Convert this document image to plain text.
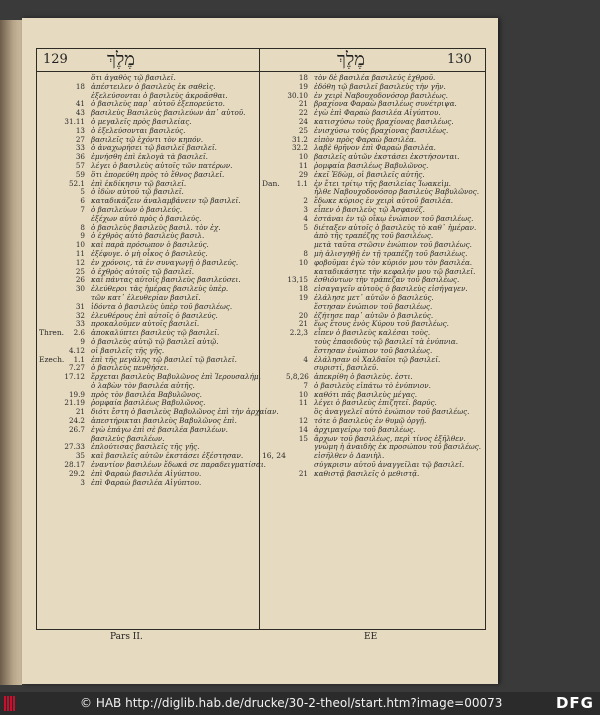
129 מֶלֶךְ	מֶלֶךְ	130
ὅτι ἀγαθὸς τῷ βασιλεῖ.
18 ἀπέστειλεν ὁ βασιλεὺς ἐκ σαθεὶς.
ἐξελεύσονται ὁ βασιλεὺς ἀκροᾶσθαι.
41 ὁ βασιλεὺς παρ᾽ αὐτοῦ ἐξεπορεύετο.
43 βασιλεὺς Βασιλεὺς βασιλεύων ἀπ᾽ αὐτοῦ.
31.11 ὁ μεγαλεῖς πρὸς βασιλείας.
13 ὁ ἐξελεύσονται βασιλεύς.
27 βασιλεῖς τῷ ἐχόντι τὸν κηπόν.
33 ὁ ἀναχωρήσει τῷ βασιλεῖ βασιλεῖ.
36 ἐμνήσθη ἐπὶ ἐκλογὰ τὰ βασιλεῖ.
57 λέγει ὁ βασιλεὺς αὐτοῖς τῶν πατέρων.
59 ὅτι ἐπορεύθη πρὸς τὸ ἔθνος βασιλεῖ.
52.1 ἐπὶ ἐκδίκησιν τῷ βασιλεῖ.
5 ὁ ἰδὼν αὐτοῦ τῷ βασιλεῖ.
6 καταδικάζειν ἀναλαμβάνειν τῷ βασιλεῖ.
7 ὁ βασιλεύων ὁ βασιλεύς.
ἐξέχων αὐτὸ πρὸς ὁ βασιλεύς.
8 ὁ βασιλεὺς βασιλεὺς βασιλ. τὸν ἐχ.
9 ὁ ἐχθρὸς αὐτὸ βασιλεὺς βασιλ.
10 καὶ παρὰ πρόσωπον ὁ βασιλεύς.
11 ἐξέφυγε. ὁ μὴ οἶκος ὁ βασιλεύς.
12 ἐν χρόνοις, τὰ ἐν συναγωγῇ ὁ βασιλεύς.
25 ὁ ἐχθρὸς αὐτοῖς τῷ βασιλεῖ.
26 καὶ πάντας αὐτοῖς βασιλεὺς βασιλεύσει.
30 ἐλεύθεροι τὰς ἡμέρας βασιλεὺς ὑπὲρ.
τῶν κατ᾽ ἐλευθερίαν βασιλεῖ.
31 ἰδόντα ὁ βασιλεὺς ὑπὲρ τοῦ βασιλέως.
32 ἐλευθέρους ἐπὶ αὐτοῖς ὁ βασιλεύς.
33 προκαλοῦμεν αὐτοῖς βασιλεῖ.
Thren.	2.6 ἀποκαλύπτει βασιλεὺς τῷ βασιλεῖ.
9 ὁ βασιλεὺς αὐτῷ τῷ βασιλεῖ αὐτῷ.
4.12 οἱ βασιλεῖς τῆς γῆς.
Ezech.	1.1 ἐπὶ τῆς μεγάλης τῷ βασιλεῖ τῷ βασιλεῖ.
7.27 ὁ βασιλεὺς πενθήσει.
17.12 ἔρχεται βασιλεὺς Βαβυλῶνος ἐπὶ Ἱερουσαλήμ.
ὁ λαβὼν τὸν βασιλέα αὐτῆς.
19.9 πρὸς τὸν βασιλέα Βαβυλῶνος.
21.19 ῥομφαία βασιλέως Βαβυλῶνος.
21 διότι ἔστη ὁ βασιλεὺς Βαβυλῶνος ἐπὶ τὴν ἀρχαίαν.
24.2 ἀπεστήρικται βασιλεὺς Βαβυλῶνος ἐπὶ.
26.7 ἐγὼ ἐπάγω ἐπὶ σὲ βασιλέα βασιλέων.
βασιλεὺς βασιλέων.
27.33 ἐπλούτισας βασιλεῖς τῆς γῆς.
35 καὶ βασιλεῖς αὐτῶν ἐκστάσει ἐξέστησαν.
28.17 ἐναντίον βασιλέων ἔδωκά σε παραδειγματίσαι.
29.2 ἐπὶ Φαραὼ βασιλέα Αἰγύπτου.
3 ἐπὶ Φαραὼ βασιλέα Αἰγύπτου.
18 τὸν δὲ βασιλέα βασιλεύς ἐχθροῦ.
19 ἐδόθη τῷ βασιλεῖ βασιλεὺς τὴν γῆν.
30.10 ἐν χειρὶ Ναβουχοδονόσορ βασιλέως.
21 βραχίονα Φαραὼ βασιλέως συνέτριψα.
22 ἐγὼ ἐπὶ Φαραὼ βασιλέα Αἰγύπτου.
24 κατισχύσω τοὺς βραχίονας βασιλέως.
25 ἐνισχύσω τοὺς βραχίονας βασιλέως.
31.2 εἰπὸν πρὸς Φαραὼ βασιλέα.
32.2 λαβὲ θρῆνον ἐπὶ Φαραὼ βασιλέα.
10 βασιλεῖς αὐτῶν ἐκστάσει ἐκστήσονται.
11 ῥομφαία βασιλέως Βαβυλῶνος.
29 ἐκεῖ Ἐδὼμ, οἱ βασιλεῖς αὐτῆς.
Dan.	1.1 ἐν ἔτει τρίτῳ τῆς βασιλείας Ἰωακεὶμ.
ἦλθε Ναβουχοδονόσορ βασιλεὺς Βαβυλῶνος.
2 ἔδωκε κύριος ἐν χειρὶ αὐτοῦ βασιλέα.
3 εἶπεν ὁ βασιλεὺς τῷ Ἀσφανέζ.
4 ἑστάναι ἐν τῷ οἴκῳ ἐνώπιον τοῦ βασιλέως.
5 διέταξεν αὐτοῖς ὁ βασιλεὺς τὸ καθ᾽ ἡμέραν.
ἀπὸ τῆς τραπέζης τοῦ βασιλέως.
μετὰ ταῦτα στῶσιν ἐνώπιον τοῦ βασιλέως.
8 μὴ ἀλισγηθῇ ἐν τῇ τραπέζῃ τοῦ βασιλέως.
10 φοβοῦμαι ἐγὼ τὸν κύριόν μου τὸν βασιλέα.
καταδικάσητε τὴν κεφαλήν μου τῷ βασιλεῖ.
13,15 ἐσθιόντων τὴν τράπεζαν τοῦ βασιλέως.
18 εἰσαγαγεῖν αὐτοὺς ὁ βασιλεὺς εἰσήγαγεν.
19 ἐλάλησε μετ᾽ αὐτῶν ὁ βασιλεύς.
ἔστησαν ἐνώπιον τοῦ βασιλέως.
20 ἐζήτησε παρ᾽ αὐτῶν ὁ βασιλεύς.
21 ἕως ἔτους ἑνὸς Κύρου τοῦ βασιλέως.
2.2,3 εἶπεν ὁ βασιλεὺς καλέσαι τοὺς.
τοὺς ἐπαοιδοὺς τῷ βασιλεῖ τὰ ἐνύπνια.
ἔστησαν ἐνώπιον τοῦ βασιλέως.
4 ἐλάλησαν οἱ Χαλδαῖοι τῷ βασιλεῖ.
συριστί, βασιλεῦ.
5,8,26 ἀπεκρίθη ὁ βασιλεὺς. ἐστι.
7 ὁ βασιλεὺς εἰπάτω τὸ ἐνύπνιον.
10 καθότι πᾶς βασιλεὺς μέγας.
11 λέγει ὁ βασιλεὺς ἐπιζητεῖ. βαρύς.
ὃς ἀναγγελεῖ αὐτὸ ἐνώπιον τοῦ βασιλέως.
12 τότε ὁ βασιλεὺς ἐν θυμῷ ὀργῇ.
14 ἀρχιμαγείρῳ τοῦ βασιλέως.
15 ἄρχων τοῦ βασιλέως, περὶ τίνος ἐξῆλθεν.
γνώμη ἡ ἀναιδὴς ἐκ προσώπου τοῦ βασιλέως.
16, 24	εἰσῆλθεν ὁ Δανιὴλ.
σύγκρισιν αὐτοῦ ἀναγγεῖλαι τῷ βασιλεῖ.
21 καθιστᾷ βασιλεῖς ὁ μεθιστᾷ.
Pars II.	EE
© HAB http://diglib.hab.de/drucke/30-2-theol/start.htm?image=00073	DFG
